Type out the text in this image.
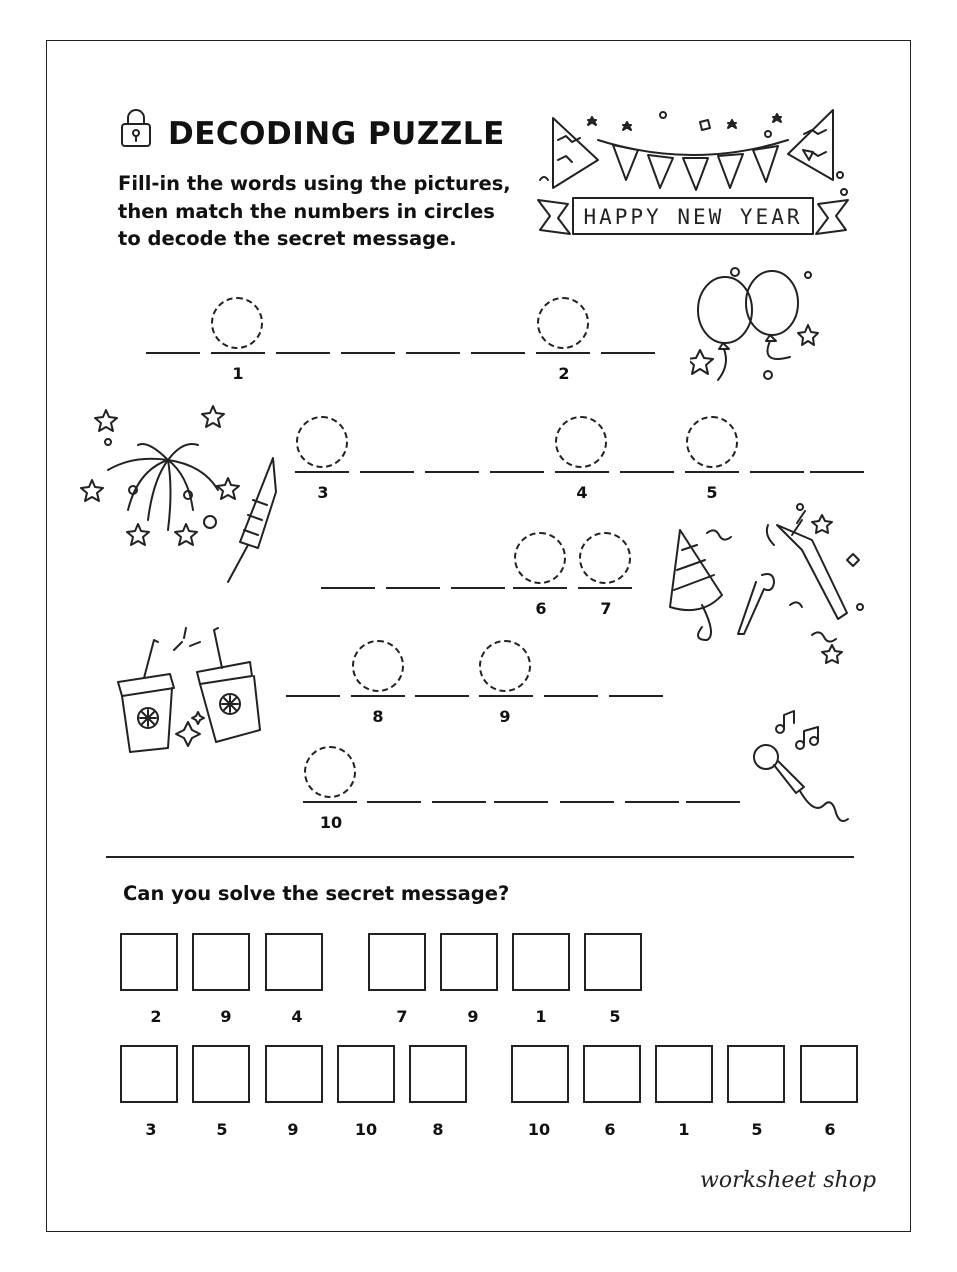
DECODING PUZZLE
Fill-in the words using the pictures,
then match the numbers in circles
to decode the secret message.
HAPPY NEW YEAR
1	2
3	4	5
6	7
8	9
10
Can you solve the secret message?
2	9	4	7	9	1	5
3	5	9	10	8	10	6	1	5	6
worksheet shop
